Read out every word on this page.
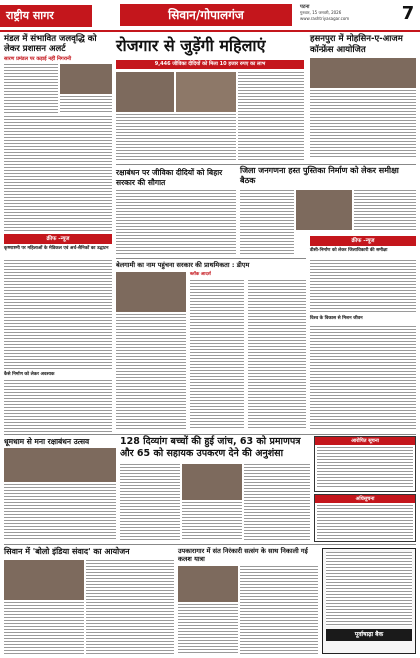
राष्ट्रीय सागर	सिवान/गोपालगंज
पटना
गुरुवार, 15 जनवरी, 2026
www.rashtriyasagar.com	7
मंडल में संभावित जलवृद्धि को लेकर प्रशासन अलर्ट
सारण प्रमंडल पर कड़ाई नहीं निगरानी
क्रीफ -न्यूज
कृष्णाष्टमी पर महिलाओं के मेडिकल एवं अर्ध-सैनिकों का उद्घाटन
कैसे निर्माण को लेकर अवश्यक
रोजगार से जुड़ेंगी महिलाएं
9,446 जीविका दीदियों को मिला 10 हजार रुपए का लाभ
हसनपुरा में मोहसिन-ए-आजम कॉन्फ्रेंस आयोजित
रक्षाबंधन पर जीविका दीदियों को बिहार सरकार की सौगात
जिला जनगणना हस्त पुस्तिका निर्माण को लेकर समीक्षा बैठक
क्रीफ -न्यूज
डीसी-निर्माण को लेकर जिलाधिकारी की समीक्षा
विश्व के विकास से मिशन जीवन
बेलगामी का नाम पहुंचना सरकार की प्राथमिकता : डीएम
ब्लॉक आदर्श
धूमधाम से मना रक्षाबंधन उत्सव	128 दिव्यांग बच्चों की हुई जांच, 63 को प्रमाणपत्र और 65 को सहायक उपकरण देने की अनुशंसा
आरोपित सूचना
अधिसूचना
सिवान में 'बोलो इंडिया संवाद' का आयोजन	उपकारागार में संत निरंकारी सत्संग के साथ निकाली गई कलश यात्रा
पूर्वाषाढ़ा बैक
